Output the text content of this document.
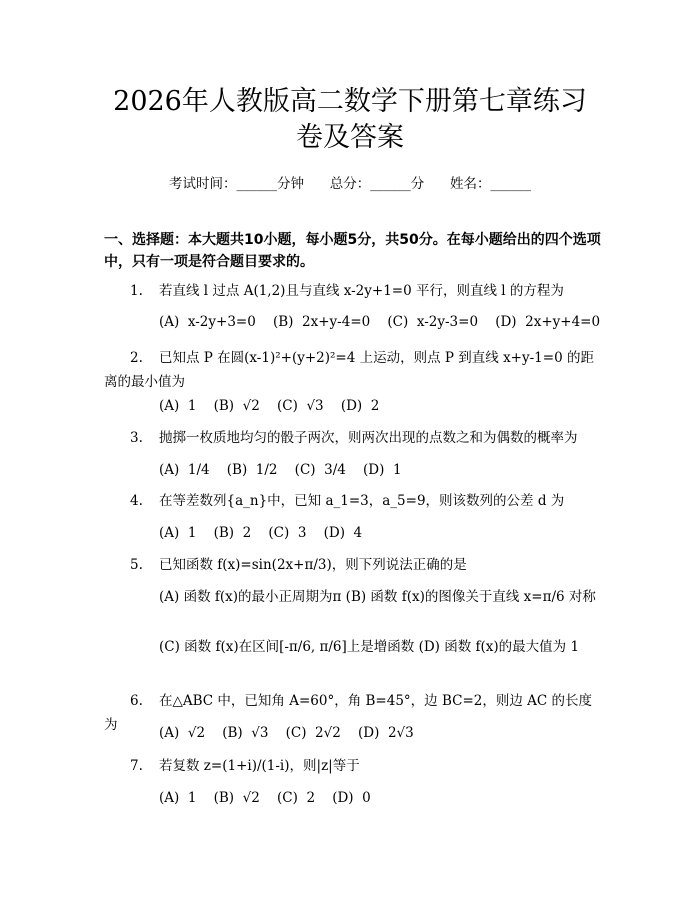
2026年人教版高二数学下册第七章练习卷及答案
考试时间：______分钟 总分：______分 姓名：______
一、选择题：本大题共10小题，每小题5分，共50分。在每小题给出的四个选项中，只有一项是符合题目要求的。
1. 若直线 l 过点 A(1,2)且与直线 x-2y+1=0 平行，则直线 l 的方程为
(A)  x-2y+3=0    (B)  2x+y-4=0    (C)  x-2y-3=0    (D)  2x+y+4=0
2. 已知点 P 在圆(x-1)²+(y+2)²=4 上运动，则点 P 到直线 x+y-1=0 的距离的最小值为
(A)  1    (B)  √2    (C)  √3    (D)  2
3. 抛掷一枚质地均匀的骰子两次，则两次出现的点数之和为偶数的概率为
(A)  1/4    (B)  1/2    (C)  3/4    (D)  1
4. 在等差数列{a_n}中，已知 a_1=3，a_5=9，则该数列的公差 d 为
(A)  1    (B)  2    (C)  3    (D)  4
5. 已知函数 f(x)=sin(2x+π/3)，则下列说法正确的是
(A) 函数 f(x)的最小正周期为π (B) 函数 f(x)的图像关于直线 x=π/6 对称
(C) 函数 f(x)在区间[-π/6, π/6]上是增函数 (D) 函数 f(x)的最大值为 1
6. 在△ABC 中，已知角 A=60°，角 B=45°，边 BC=2，则边 AC 的长度为	(A)  √2    (B)  √3    (C)  2√2    (D)  2√3
7. 若复数 z=(1+i)/(1-i)，则|z|等于
(A)  1    (B)  √2    (C)  2    (D)  0
